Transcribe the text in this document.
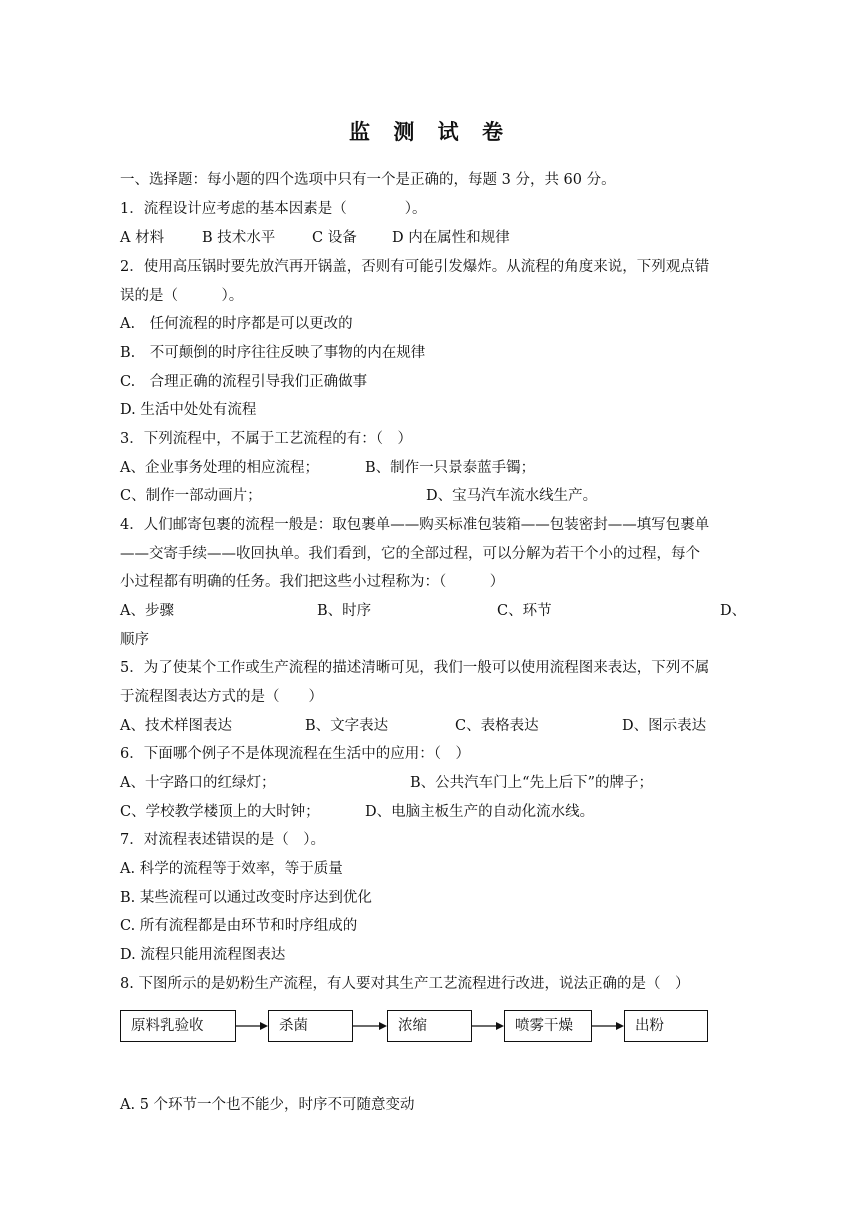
监 测 试 卷
一、选择题：每小题的四个选项中只有一个是正确的，每题 3 分，共 60 分。
1．流程设计应考虑的基本因素是（　　　　）。
A 材料	B 技术水平	C 设备 D 内在属性和规律
2．使用高压锅时要先放汽再开锅盖，否则有可能引发爆炸。从流程的角度来说，下列观点错
误的是（　　　）。
A.　任何流程的时序都是可以更改的
B.　不可颠倒的时序往往反映了事物的内在规律
C.　合理正确的流程引导我们正确做事
D. 生活中处处有流程
3．下列流程中，不属于工艺流程的有：（　）
A、企业事务处理的相应流程；	B、制作一只景泰蓝手镯；
C、制作一部动画片；	D、宝马汽车流水线生产。
4．人们邮寄包裹的流程一般是：取包裹单——购买标准包装箱——包装密封——填写包裹单
——交寄手续——收回执单。我们看到，它的全部过程，可以分解为若干个小的过程，每个
小过程都有明确的任务。我们把这些小过程称为：（　　　）
A、步骤	B、时序	C、环节	D、
顺序
5．为了使某个工作或生产流程的描述清晰可见，我们一般可以使用流程图来表达，下列不属
于流程图表达方式的是（　　）
A、技术样图表达	B、文字表达	C、表格表达	D、图示表达
6．下面哪个例子不是体现流程在生活中的应用：（　）
A、十字路口的红绿灯；	B、公共汽车门上“先上后下”的牌子；
C、学校教学楼顶上的大时钟；	D、电脑主板生产的自动化流水线。
7．对流程表述错误的是（　）。
A. 科学的流程等于效率，等于质量
B. 某些流程可以通过改变时序达到优化
C. 所有流程都是由环节和时序组成的
D. 流程只能用流程图表达
8. 下图所示的是奶粉生产流程，有人要对其生产工艺流程进行改进，说法正确的是（　）
原料乳验收	杀菌	浓缩	喷雾干燥	出粉
A. 5 个环节一个也不能少，时序不可随意变动
